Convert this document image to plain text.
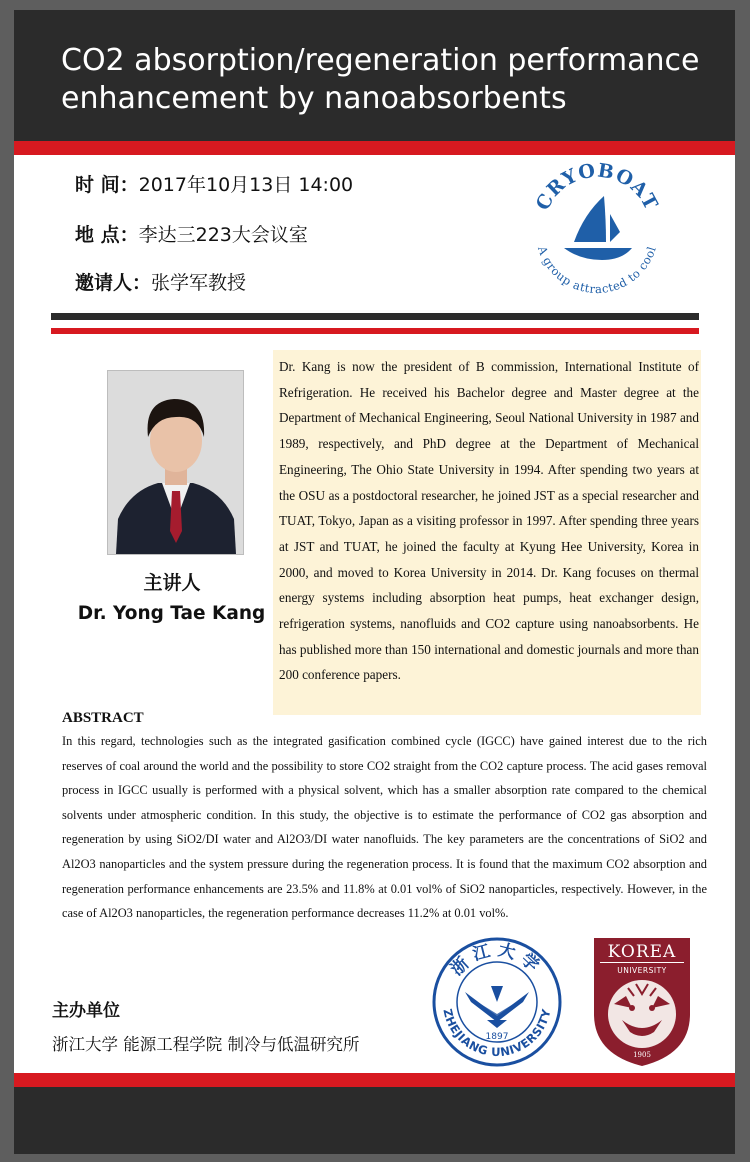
CO2 absorption/regeneration performance enhancement by nanoabsorbents
时 间：2017年10月13日 14:00
地 点：李达三223大会议室
邀请人：张学军教授
CRYOBOAT
A group attracted to cool
主讲人
Dr. Yong Tae Kang
Dr. Kang is now the president of B commission, International Institute of Refrigeration. He received his Bachelor degree and Master degree at the Department of Mechanical Engineering, Seoul National University in 1987 and 1989, respectively, and PhD degree at the Department of Mechanical Engineering, The Ohio State University in 1994. After spending two years at the OSU as a postdoctoral researcher, he joined JST as a special researcher and TUAT, Tokyo, Japan as a visiting professor in 1997. After spending three years at JST and TUAT, he joined the faculty at Kyung Hee University, Korea in 2000, and moved to Korea University in 2014. Dr. Kang focuses on thermal energy systems including absorption heat pumps, heat exchanger design, refrigeration systems, nanofluids and CO2 capture using nanoabsorbents. He has published more than 150 international and domestic journals and more than 200 conference papers.
ABSTRACT
In this regard, technologies such as the integrated gasification combined cycle (IGCC) have gained interest due to the rich reserves of coal around the world and the possibility to store CO2 straight from the CO2 capture process. The acid gases removal process in IGCC usually is performed with a physical solvent, which has a smaller absorption rate compared to the chemical solvents under atmospheric condition. In this study, the objective is to estimate the performance of CO2 gas absorption and regeneration by using SiO2/DI water and Al2O3/DI water nanofluids. The key parameters are the concentrations of SiO2 and Al2O3 nanoparticles and the system pressure during the regeneration process. It is found that the maximum CO2 absorption and regeneration performance enhancements are 23.5% and 11.8% at 0.01 vol% of SiO2 nanoparticles, respectively. However, in the case of Al2O3 nanoparticles, the regeneration performance decreases 11.2% at 0.01 vol%.
主办单位
浙江大学 能源工程学院 制冷与低温研究所
浙江大学
ZHEJIANG UNIVERSITY
1897
KOREA
UNIVERSITY
1905
